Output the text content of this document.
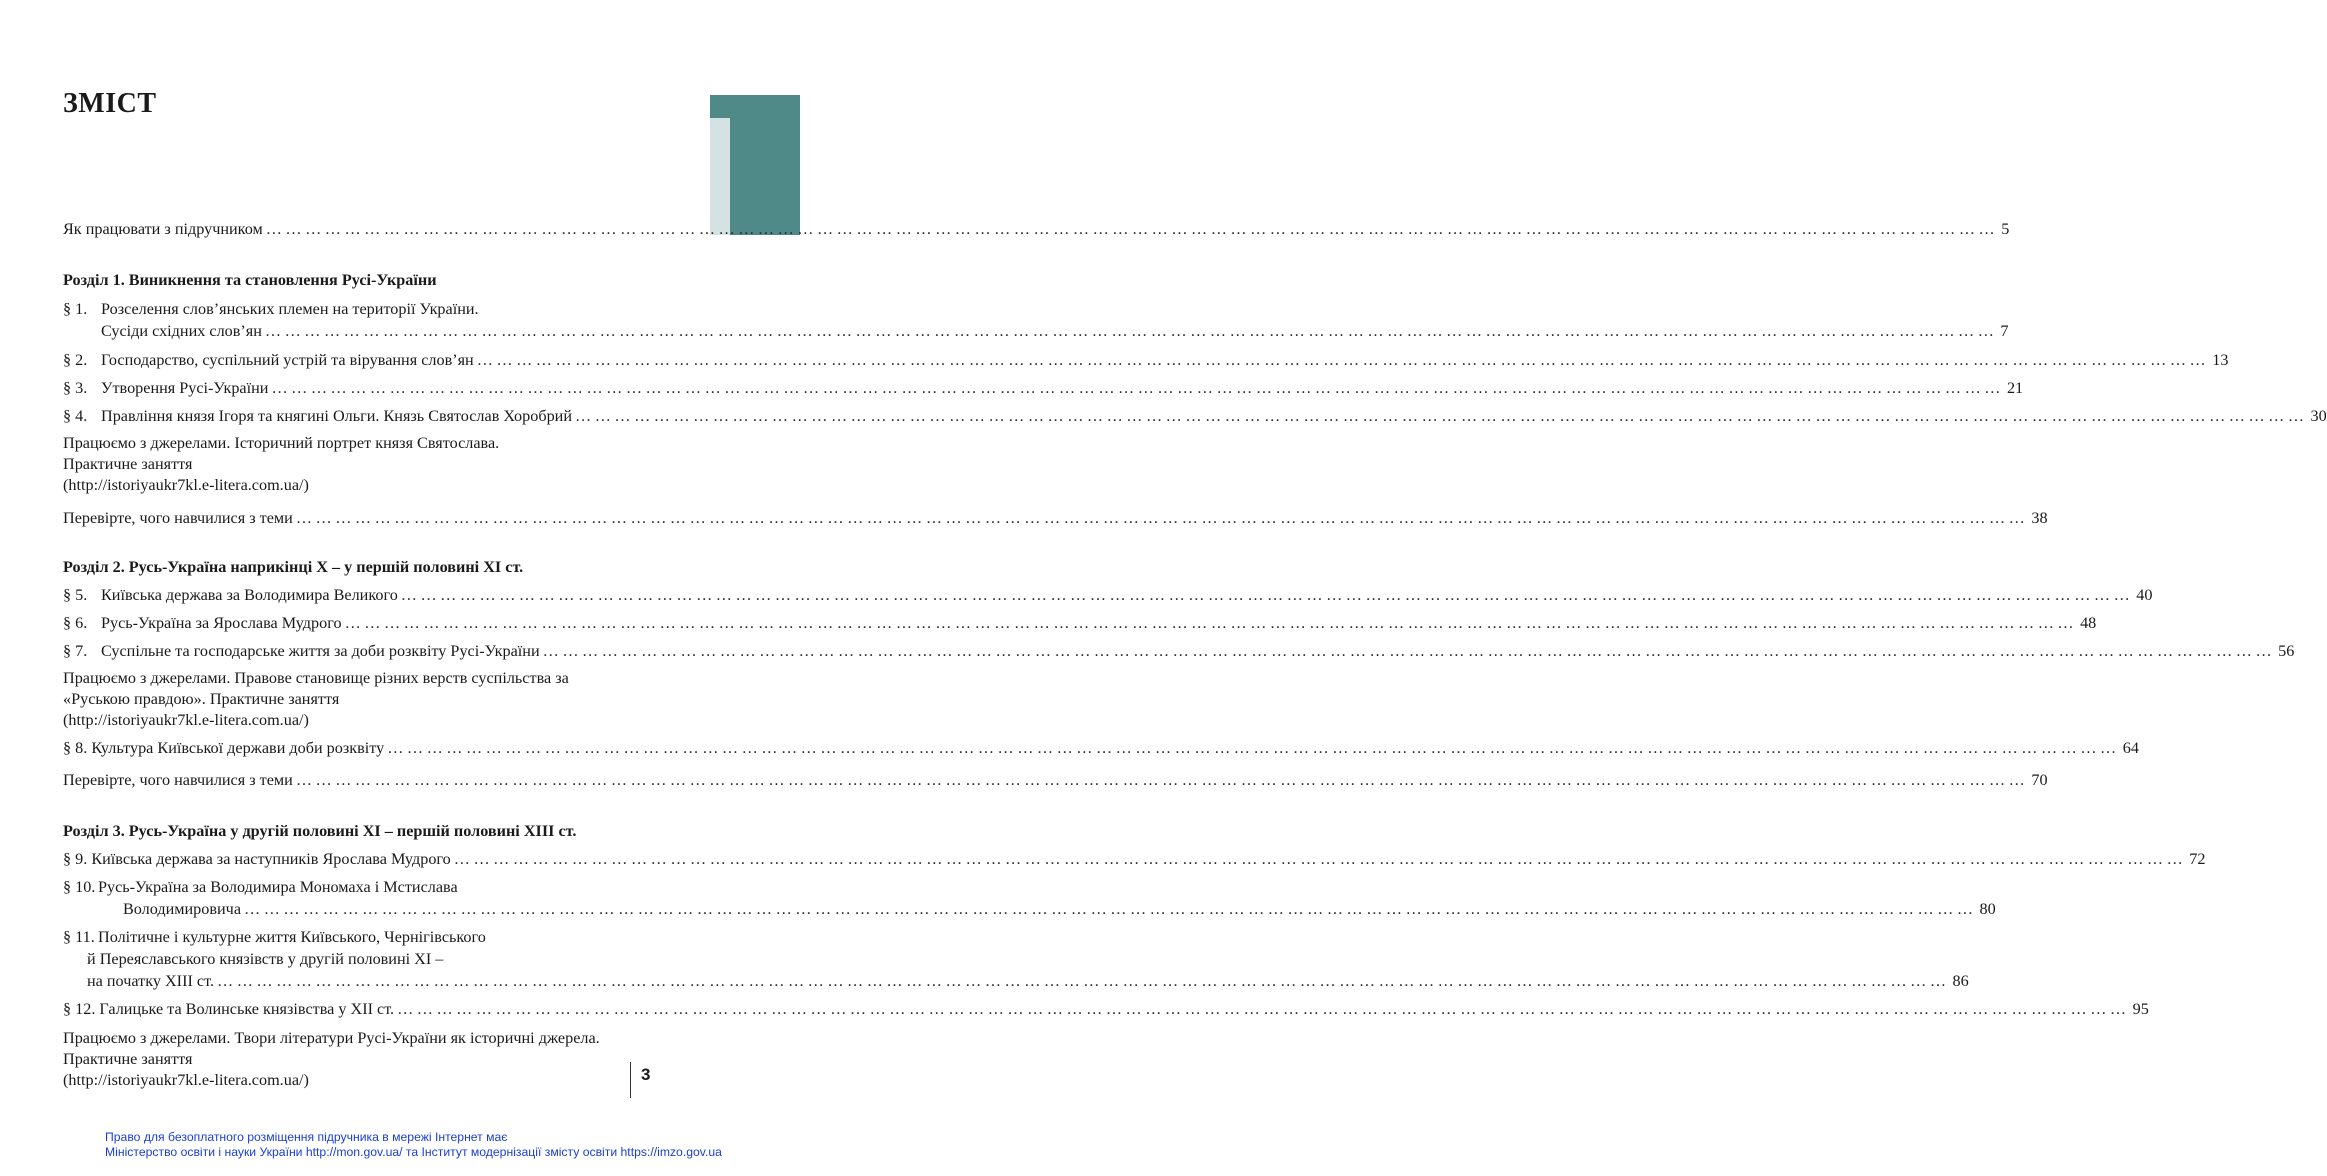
ЗМІСТ
Як працювати з підручником ………………………………………………………………………………………………………………………………………………………………………………………………………………………………………… 5
Розділ 1. Виникнення та становлення Русі-України
§ 1. Розселення слов’янських племен на території України.
Сусіди східних слов’ян ………………………………………………………………………………………………………………………………………………………………………………………………………………………………………… 7
§ 2. Господарство, суспільний устрій та вірування слов’ян ………………………………………………………………………………………………………………………………………………………………………………………………………………………………………… 13
§ 3. Утворення Русі-України ………………………………………………………………………………………………………………………………………………………………………………………………………………………………………… 21
§ 4. Правління князя Ігоря та княгині Ольги. Князь Святослав Хоробрий ………………………………………………………………………………………………………………………………………………………………………………………………………………………………………… 30
Працюємо з джерелами. Історичний портрет князя Святослава.
Практичне заняття
(http://istoriyaukr7kl.e-litera.com.ua/)
Перевірте, чого навчилися з теми ………………………………………………………………………………………………………………………………………………………………………………………………………………………………………… 38
Розділ 2. Русь-Україна наприкінці Х – у першій половині ХІ ст.
§ 5. Київська держава за Володимира Великого ………………………………………………………………………………………………………………………………………………………………………………………………………………………………………… 40
§ 6. Русь-Україна за Ярослава Мудрого ………………………………………………………………………………………………………………………………………………………………………………………………………………………………………… 48
§ 7. Суспільне та господарське життя за доби розквіту Русі-України ………………………………………………………………………………………………………………………………………………………………………………………………………………………………………… 56
Працюємо з джерелами. Правове становище різних верств суспільства за
«Руською правдою». Практичне заняття
(http://istoriyaukr7kl.e-litera.com.ua/)
§ 8. Культура Київської держави доби розквіту ………………………………………………………………………………………………………………………………………………………………………………………………………………………………………… 64
Перевірте, чого навчилися з теми ………………………………………………………………………………………………………………………………………………………………………………………………………………………………………… 70
Розділ 3. Русь-Україна у другій половині ХІ – першій половині ХІІІ ст.
§ 9. Київська держава за наступників Ярослава Мудрого ………………………………………………………………………………………………………………………………………………………………………………………………………………………………………… 72
§ 10. Русь-Україна за Володимира Мономаха і Мстислава
Володимировича ………………………………………………………………………………………………………………………………………………………………………………………………………………………………………… 80
§ 11. Політичне і культурне життя Київського, Чернігівського
й Переяславського князівств у другій половині ХІ –
на початку ХІІІ ст. ………………………………………………………………………………………………………………………………………………………………………………………………………………………………………… 86
§ 12. Галицьке та Волинське князівства у ХІІ ст. ………………………………………………………………………………………………………………………………………………………………………………………………………………………………………… 95
Працюємо з джерелами. Твори літератури Русі-України як історичні джерела.
Практичне заняття
(http://istoriyaukr7kl.e-litera.com.ua/)	3
Право для безоплатного розміщення підручника в мережі Інтернет має
Міністерство освіти і науки України http://mon.gov.ua/ та Інститут модернізації змісту освіти https://imzo.gov.ua
